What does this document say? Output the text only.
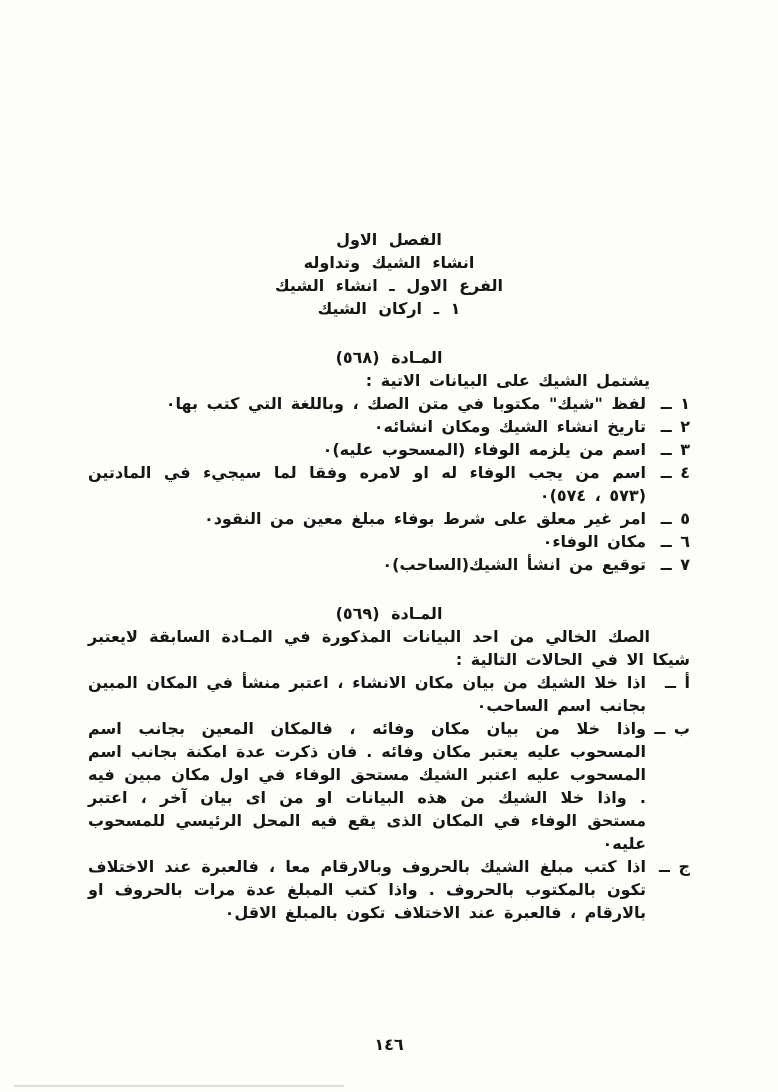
الفصل الاول
انشاء الشيك وتداوله
الفرع الاول ـ انشاء الشيك
١ ـ اركان الشيك
المـادة (٥٦٨)

يشتمل الشيك على البيانات الاتية :

١ ــ
لفظ "شيك" مكتوبا في متن الصك ، وباللغة التي كتب بها٠
٢ ــ
تاريخ انشاء الشيك ومكان انشائه٠
٣ ــ
اسم من يلزمه الوفاء (المسحوب عليه)٠
٤ ــ
اسم من يجب الوفاء له او لامره وفقا لما سيجيء في المادتين (٥٧٣ ، ٥٧٤)٠
٥ ــ
امر غير معلق على شرط بوفاء مبلغ معين من النقود٠
٦ ــ
مكان الوفاء٠
٧ ــ
توقيع من انشأ الشيك(الساحب)٠
المـادة (٥٦٩)

الصك الخالي من احد البيانات المذكورة في المـادة السابقة لايعتبر شيكا الا في الحالات التالية :

أ ــ
اذا خلا الشيك من بيان مكان الانشاء ، اعتبر منشأ في المكان المبين بجانب اسم الساحب٠
ب ــ
واذا خلا من بيان مكان وفائه ، فالمكان المعين بجانب اسم المسحوب عليه يعتبر مكان وفائه . فان ذكرت عدة امكنة بجانب اسم المسحوب عليه اعتبر الشيك مستحق الوفاء في اول مكان مبين فيه . واذا خلا الشيك من هذه البيانات او من اى بيان آخر ، اعتبر مستحق الوفاء في المكان الذى يقع فيه المحل الرئيسي للمسحوب عليه٠
ج ــ
اذا كتب مبلغ الشيك بالحروف وبالارقام معا ، فالعبرة عند الاختلاف تكون بالمكتوب بالحروف . واذا كتب المبلغ عدة مرات بالحروف او بالارقام ، فالعبرة عند الاختلاف تكون بالمبلغ الاقل٠
١٤٦
